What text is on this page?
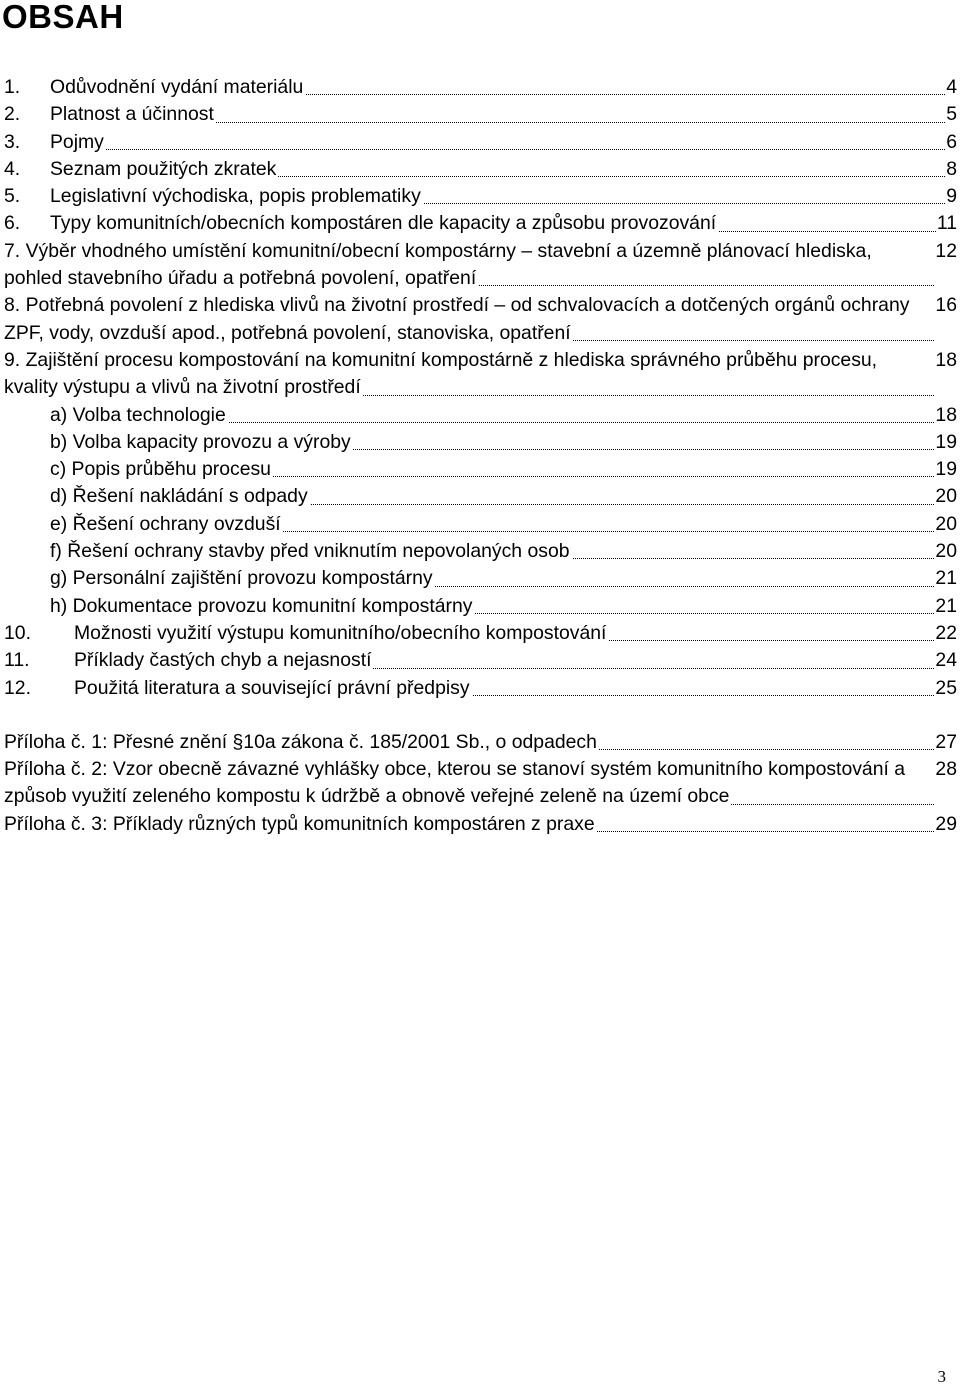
OBSAH
4
1. Odůvodnění vydání materiálu
5
2. Platnost a účinnost
6
3. Pojmy
8
4. Seznam použitých zkratek
9
5. Legislativní východiska, popis problematiky
11
6. Typy komunitních/obecních kompostáren dle kapacity a způsobu provozování
12
7. Výběr vhodného umístění komunitní/obecní kompostárny – stavební a územně plánovací hlediska, pohled stavebního úřadu a potřebná povolení, opatření
16
8. Potřebná povolení z hlediska vlivů na životní prostředí – od schvalovacích a dotčených orgánů ochrany ZPF, vody, ovzduší apod., potřebná povolení, stanoviska, opatření
18
9. Zajištění procesu kompostování na komunitní kompostárně z hlediska správného průběhu procesu, kvality výstupu a vlivů na životní prostředí
18
a) Volba technologie
19
b) Volba kapacity provozu a výroby
19
c) Popis průběhu procesu
20
d) Řešení nakládání s odpady
20
e) Řešení ochrany ovzduší
20
f) Řešení ochrany stavby před vniknutím nepovolaných osob
21
g) Personální zajištění provozu kompostárny
21
h) Dokumentace provozu komunitní kompostárny
22
10. Možnosti využití výstupu komunitního/obecního kompostování
24
11. Příklady častých chyb a nejasností
25
12. Použitá literatura a související právní předpisy
27
Příloha č. 1: Přesné znění §10a zákona č. 185/2001 Sb., o odpadech
28
Příloha č. 2: Vzor obecně závazné vyhlášky obce, kterou se stanoví systém komunitního kompostování a způsob využití zeleného kompostu k údržbě a obnově veřejné zeleně na území obce
29
Příloha č. 3: Příklady různých typů komunitních kompostáren z praxe
3
